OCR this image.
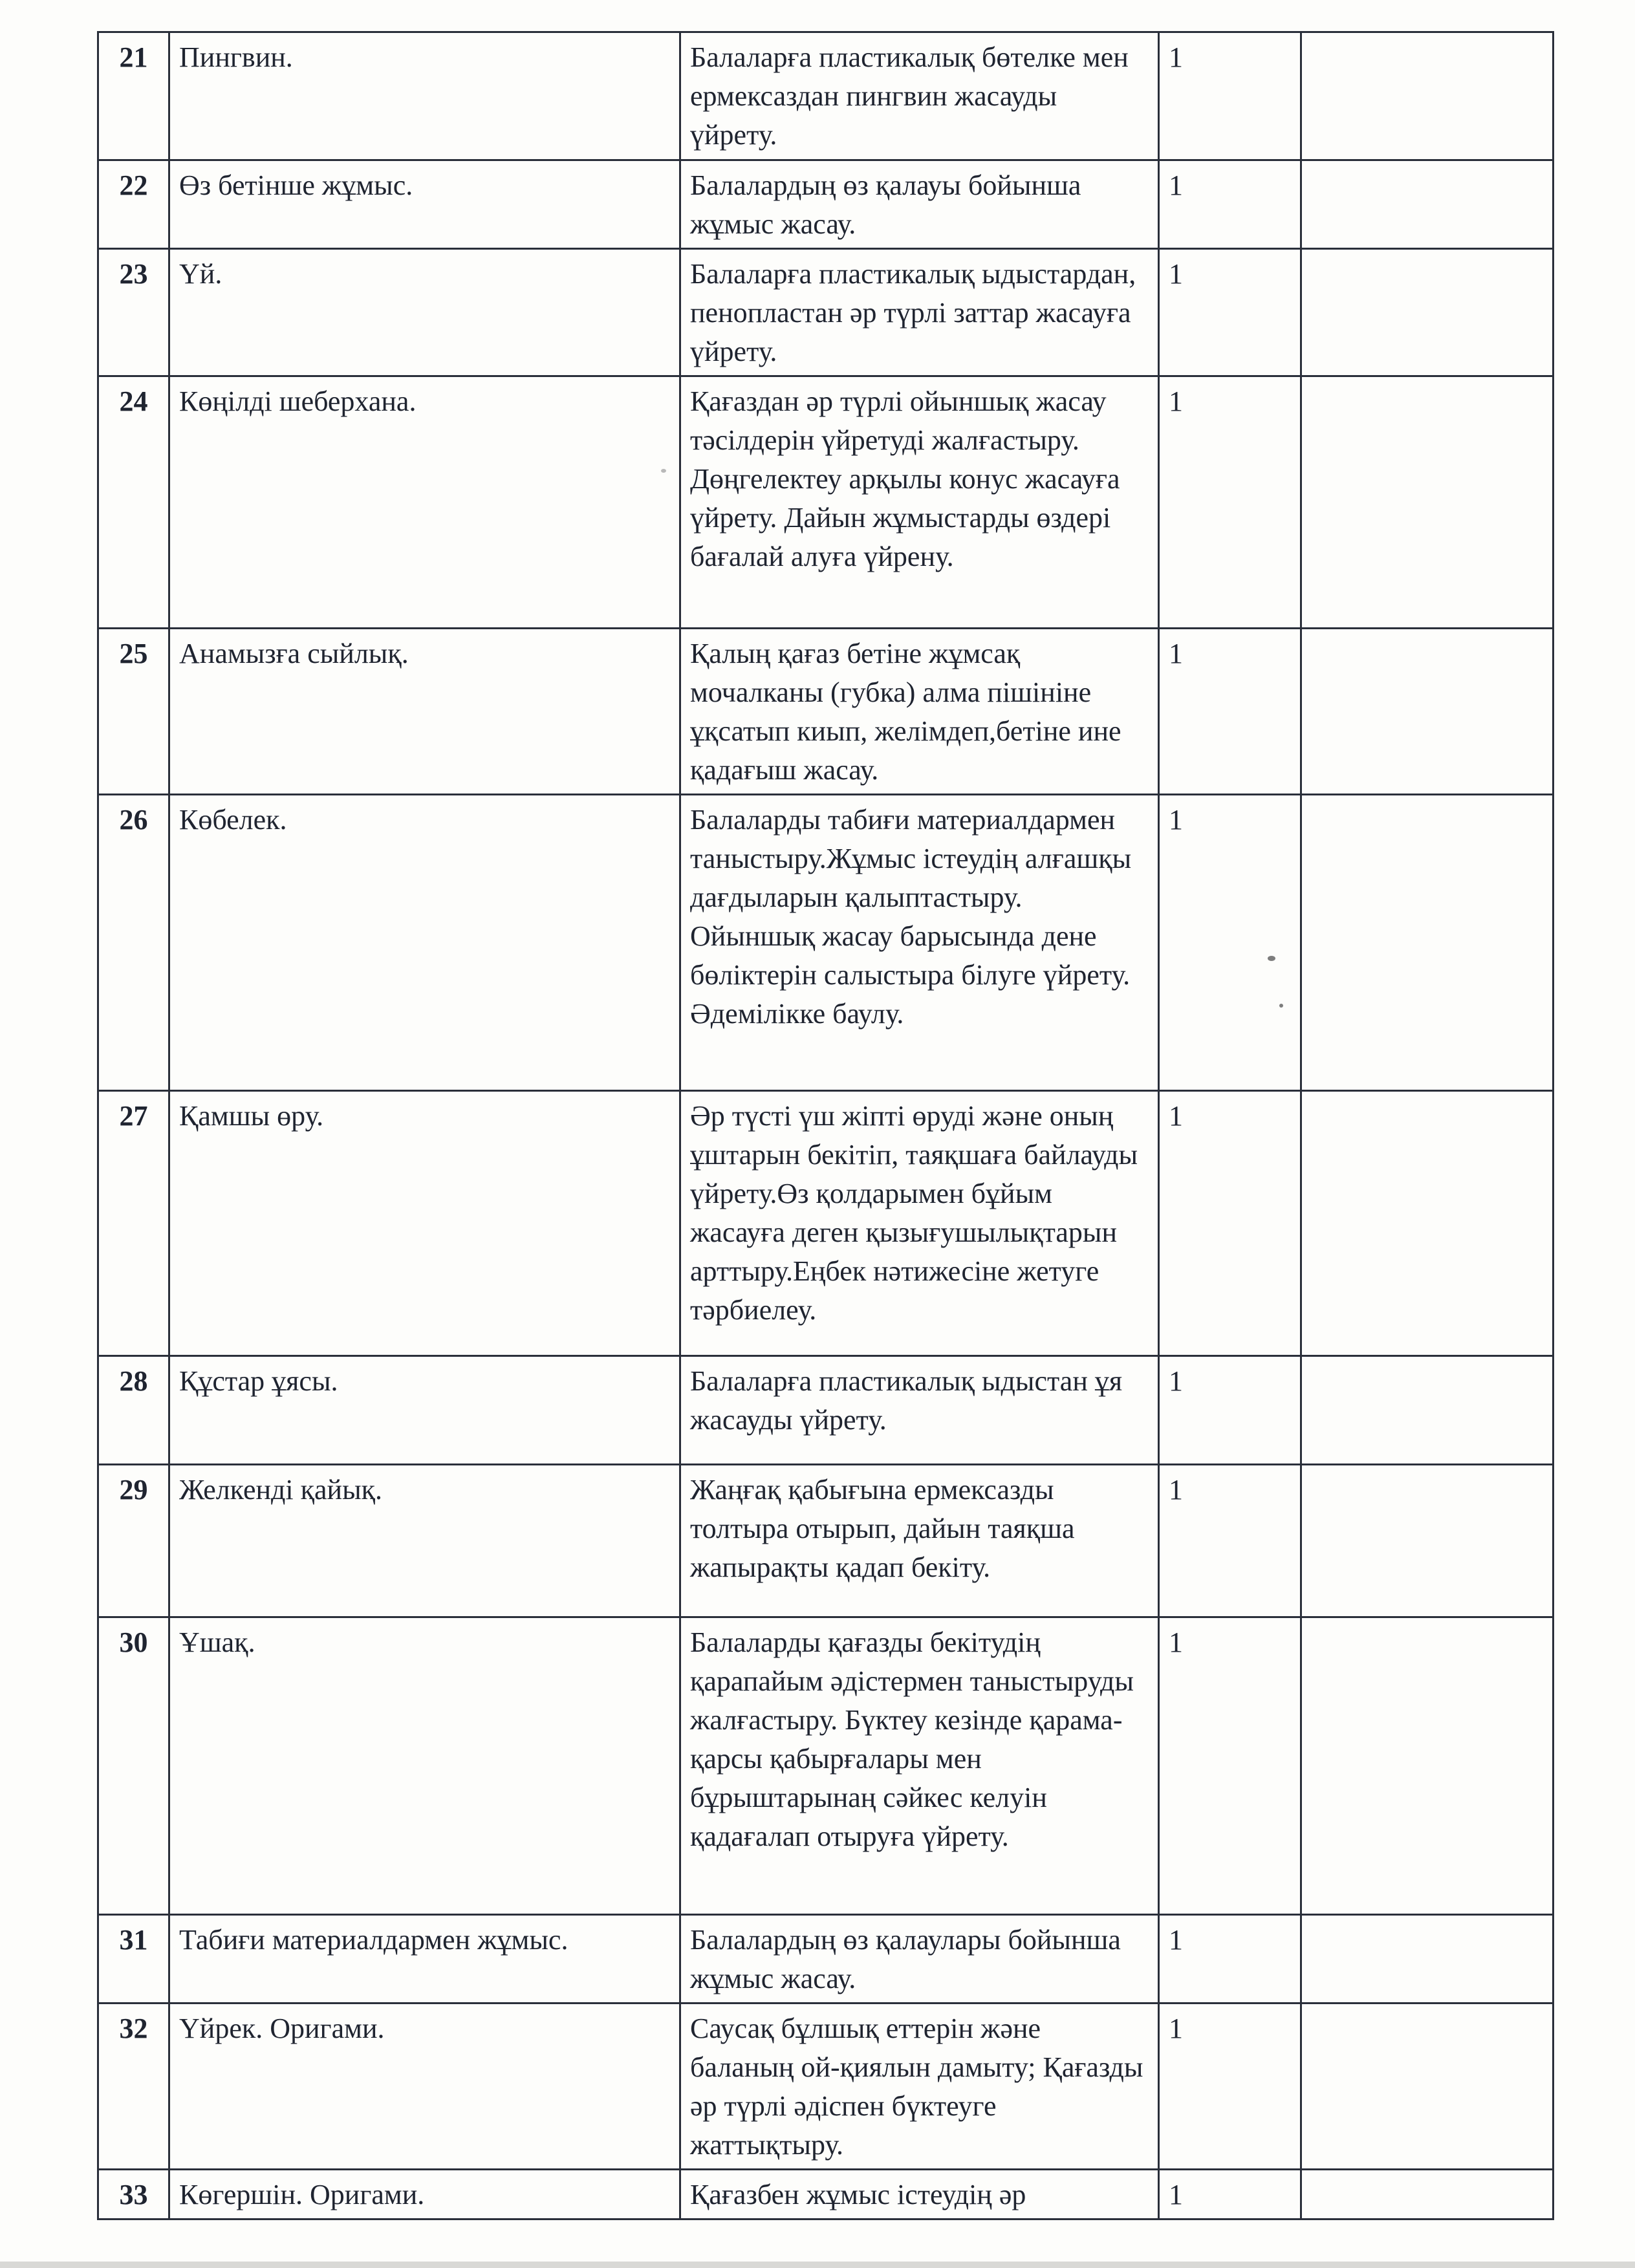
21	Пингвин.	Балаларға пластикалық бөтелке мен ермексаздан пингвин жасауды үйрету.	1	
22	Өз бетінше жұмыс.	Балалардың өз қалауы бойынша жұмыс жасау.	1	
23	Үй.	Балаларға пластикалық ыдыстардан, пенопластан әр түрлі заттар жасауға үйрету.	1	
24	Көңілді шеберхана.	Қағаздан әр түрлі ойыншық жасау тәсілдерін үйретуді жалғастыру. Дөңгелектеу арқылы конус жасауға үйрету. Дайын жұмыстарды өздері бағалай алуға үйрену.	1	
25	Анамызға сыйлық.	Қалың қағаз бетіне жұмсақ мочалканы (губка) алма пішініне ұқсатып киып, желімдеп,бетіне ине қадағыш жасау.	1	
26	Көбелек.	Балаларды табиғи материалдармен таныстыру.Жұмыс істеудің алғашқы дағдыларын қалыптастыру. Ойыншық жасау барысында дене бөліктерін салыстыра білуге үйрету. Әдемілікке баулу.	1	
27	Қамшы өру.	Әр түсті үш жіпті өруді және оның ұштарын бекітіп, таяқшаға байлауды үйрету.Өз қолдарымен бұйым жасауға деген қызығушылықтарын арттыру.Еңбек нәтижесіне жетуге тәрбиелеу.	1	
28	Құстар ұясы.	Балаларға пластикалық ыдыстан ұя жасауды үйрету.	1	
29	Желкенді қайық.	Жаңғақ қабығына ермексазды толтыра отырып, дайын таяқша жапырақты қадап бекіту.	1	
30	Ұшақ.	Балаларды қағазды бекітудің қарапайым әдістермен таныстыруды жалғастыру. Бүктеу кезінде қарама-қарсы қабырғалары мен бұрыштарынаң сәйкес келуін қадағалап отыруға үйрету.	1	
31	Табиғи материалдармен жұмыс.	Балалардың өз қалаулары бойынша жұмыс жасау.	1	
32	Үйрек. Оригами.	Саусақ бұлшық еттерін және баланың ой-қиялын дамыту; Қағазды әр түрлі әдіспен бүктеуге жаттықтыру.	1	
33	Көгершін. Оригами.	Қағазбен жұмыс істеудің әр	1	
